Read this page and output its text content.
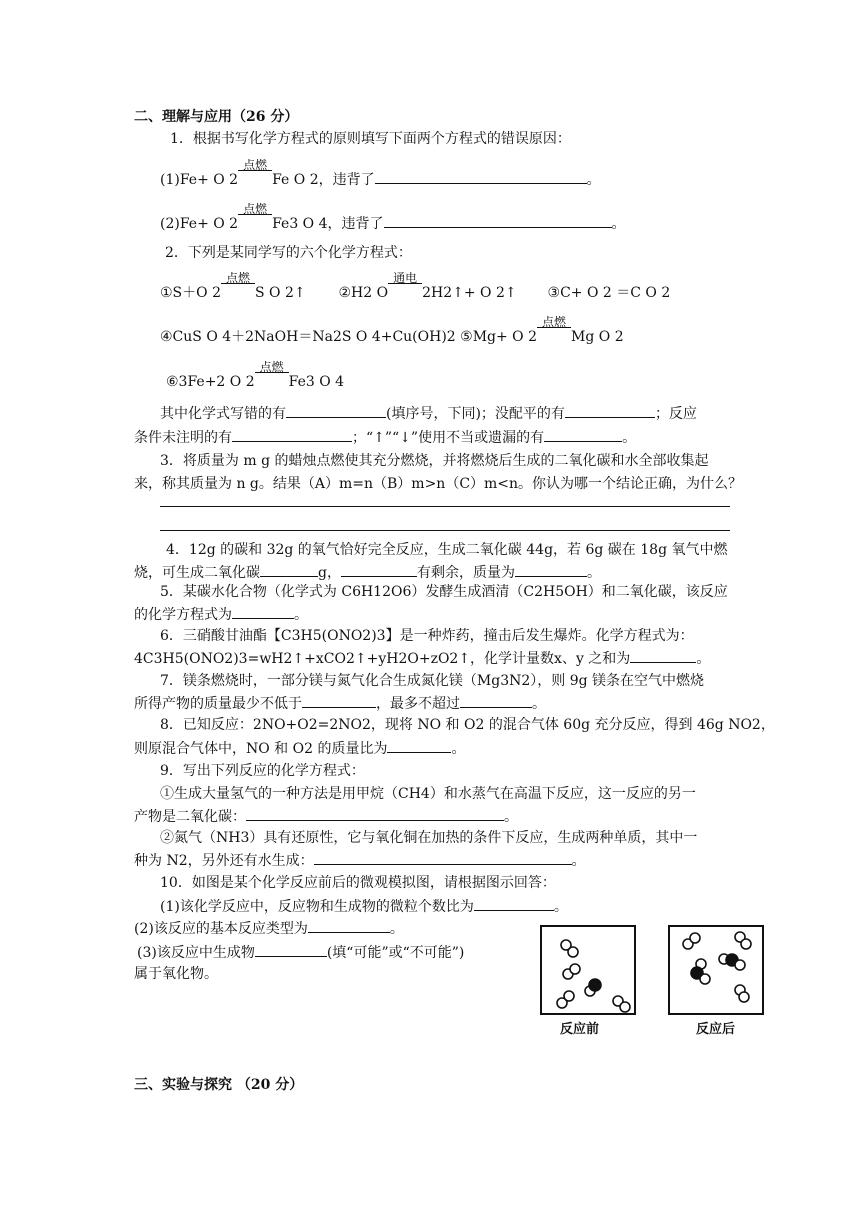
二、理解与应用（26 分）
1．根据书写化学方程式的原则填写下面两个方程式的错误原因：
(1)Fe+ O 2
点燃
Fe O 2，违背了	。
(2)Fe+ O 2
点燃
Fe3 O 4，违背了	。
2．下列是某同学写的六个化学方程式：
①S＋O 2
点燃
S O 2↑ ②H2 O
通电
2H2↑+ O 2↑ ③C+ O 2 ＝C O 2
④CuS O 4＋2NaOH＝Na2S O 4+Cu(OH)2 ⑤Mg+ O 2
点燃
Mg O 2
⑥3Fe+2 O 2
点燃
Fe3 O 4
其中化学式写错的有	(填序号，下同)；没配平的有	；反应
条件未注明的有	；“↑”“↓”使用不当或遗漏的有	。
3．将质量为 m g 的蜡烛点燃使其充分燃烧，并将燃烧后生成的二氧化碳和水全部收集起
来，称其质量为 n g。结果（A）m=n（B）m>n（C）m<n。你认为哪一个结论正确，为什么？
4．12g 的碳和 32g 的氧气恰好完全反应，生成二氧化碳 44g，若 6g 碳在 18g 氧气中燃
烧，可生成二氧化碳	g，	有剩余，质量为	。
5．某碳水化合物（化学式为 C6H12O6）发酵生成酒清（C2H5OH）和二氧化碳，该反应
的化学方程式为	。
6．三硝酸甘油酯【C3H5(ONO2)3】是一种炸药，撞击后发生爆炸。化学方程式为：
4C3H5(ONO2)3=wH2↑+xCO2↑+yH2O+zO2↑，化学计量数x、y 之和为	。
7．镁条燃烧时，一部分镁与氮气化合生成氮化镁（Mg3N2），则 9g 镁条在空气中燃烧
所得产物的质量最少不低于	，最多不超过	。
8．已知反应：2NO+O2=2NO2，现将 NO 和 O2 的混合气体 60g 充分反应，得到 46g NO2，
则原混合气体中，NO 和 O2 的质量比为	。
9．写出下列反应的化学方程式：
①生成大量氢气的一种方法是用甲烷（CH4）和水蒸气在高温下反应，这一反应的另一
产物是二氧化碳：	。
②氮气（NH3）具有还原性，它与氧化铜在加热的条件下反应，生成两种单质，其中一
种为 N2，另外还有水生成：	。
10．如图是某个化学反应前后的微观模拟图，请根据图示回答：
(1)该化学反应中，反应物和生成物的微粒个数比为	。
(2)该反应的基本反应类型为	。
(3)该反应中生成物	(填“可能”或“不可能”)
属于氧化物。
反应前	反应后
三、实验与探究 （20 分）
